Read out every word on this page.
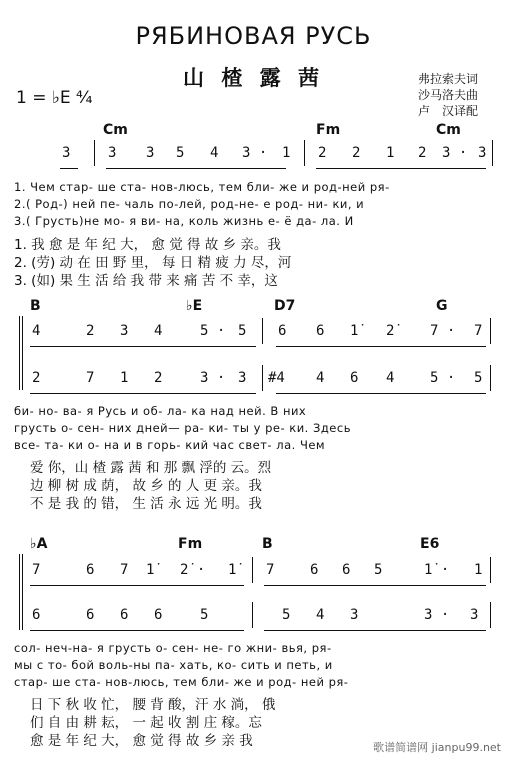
РЯБИНОВАЯ РУСЬ
山 楂 露 茜
1 = ♭E ⁴⁄₄
弗拉索夫词
沙马洛夫曲
卢　汉译配
Cm	Fm	Cm
3	3 3 5 4 3 · 1 2 2 1 2 3 · 3
1. Чем стар- ше ста- нов-люсь, тем бли- же и род-ней ря-
2.( Род-) ней пе- чаль по-лей, род-не- е род- ни- ки, и
3.( Грусть)не мо- я ви- на, коль жизнь е- ё да- ла. И
1. 我 愈 是 年 纪 大， 愈 觉 得 故 乡 亲。我
2. (劳) 动 在 田 野 里， 每 日 精 疲 力 尽，河
3. (如) 果 生 活 给 我 带 来 痛 苦 不 幸，这
B	♭E	D7	G
4	2 3 4	5 · 5 6 6 1̇ 2̇	7 · 7
2	7 1 2	3 · 3 #4 4 6 4	5 · 5
би- но- ва- я Русь и об- ла- ка над ней. В них
грусть о- сен- них дней— ра- ки- ты у ре- ки. Здесь
все- та- ки о- на и в горь- кий час свет- ла. Чем
爱 你，山 楂 露 茜 和 那 飘 浮的 云。烈
边 柳 树 成 荫， 故 乡 的 人 更 亲。我
不 是 我 的 错， 生 活 永 远 光 明。我
♭A	Fm	B	E6
7	6 7 1̇ 2̇ · 1̇ 7	6 6 5	1̇ · 1
6	6 6 6	5	5 4 3	3 · 3
сол- неч-на- я грусть о- сен- не- го жни- вья, ря-
мы с то- бой воль-ны па- хать, ко- сить и петь, и
стар- ше ста- нов-люсь, тем бли- же и род- ней ря-
日 下 秋 收 忙， 腰 背 酸，汗 水 淌， 俄
们 自 由 耕 耘， 一 起 收 割 庄 稼。忘
愈 是 年 纪 大， 愈 觉 得 故 乡 亲 我	歌谱简谱网 jianpu99.net
